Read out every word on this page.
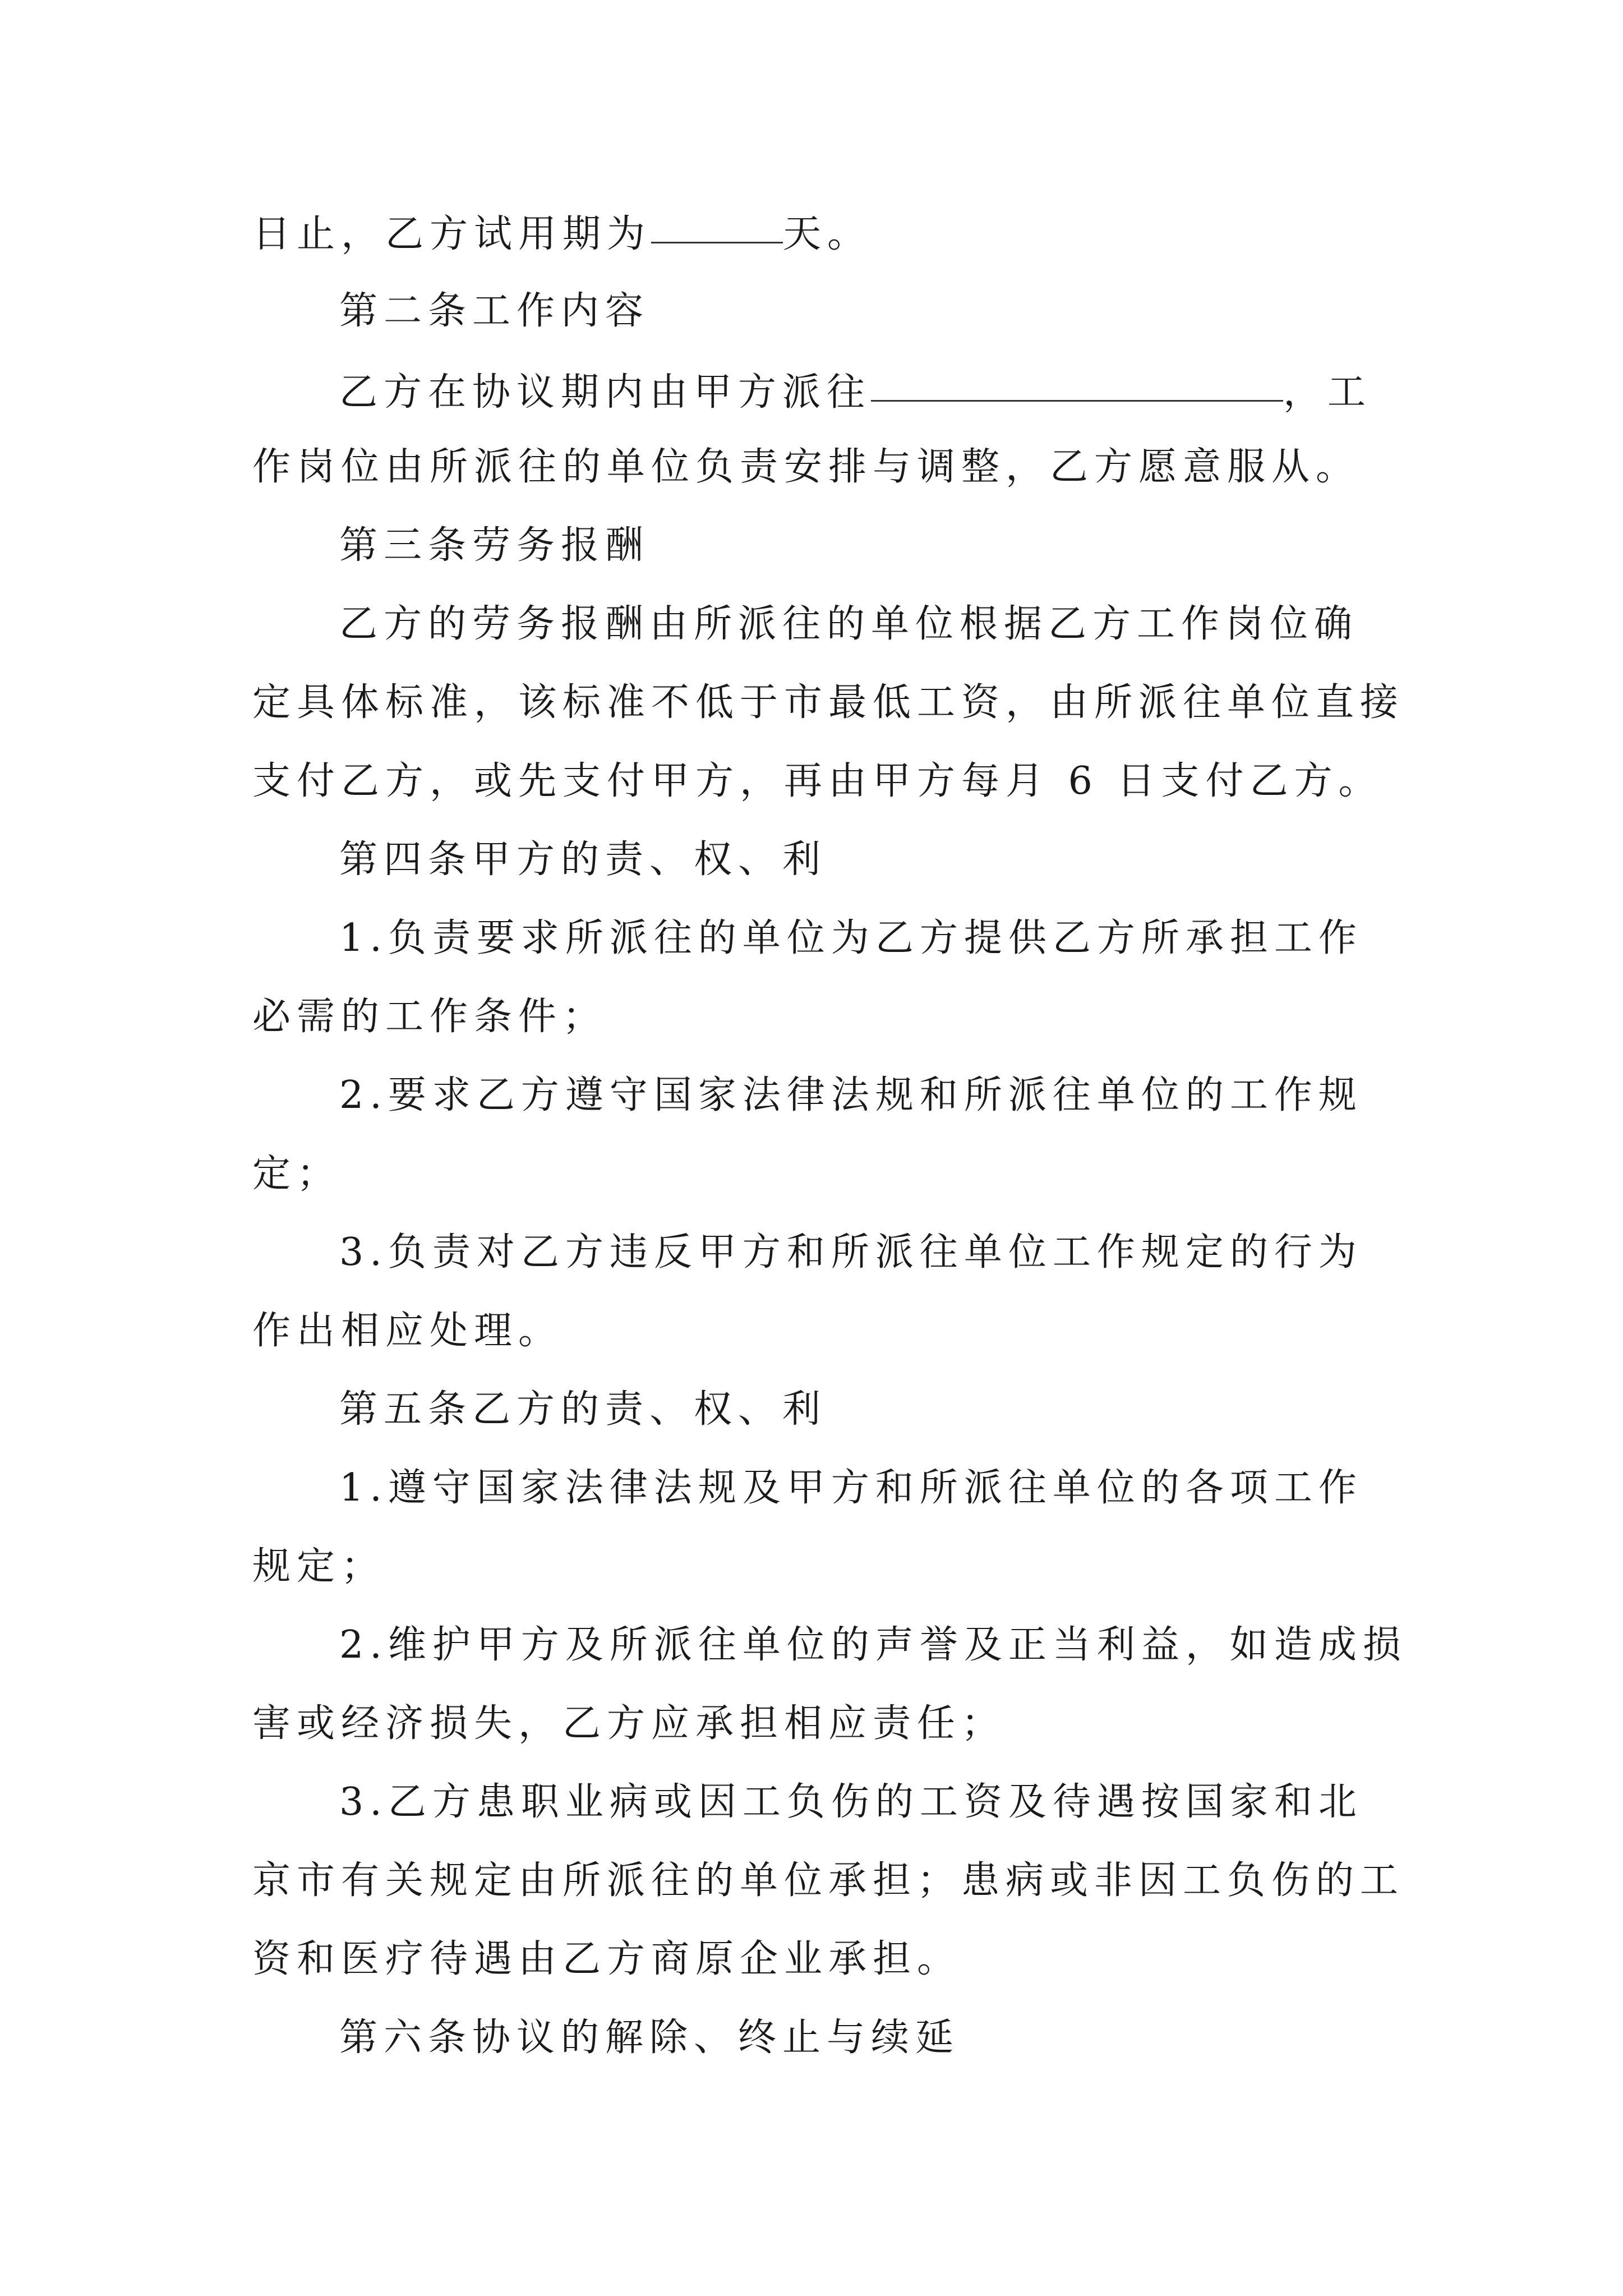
日止，乙方试用期为	天。
第二条工作内容
乙方在协议期内由甲方派往	，工
作岗位由所派往的单位负责安排与调整，乙方愿意服从。
第三条劳务报酬
乙方的劳务报酬由所派往的单位根据乙方工作岗位确
定具体标准，该标准不低于市最低工资，由所派往单位直接
支付乙方，或先支付甲方，再由甲方每月 6 日支付乙方。
第四条甲方的责、权、利
1.负责要求所派往的单位为乙方提供乙方所承担工作
必需的工作条件；
2.要求乙方遵守国家法律法规和所派往单位的工作规
定；
3.负责对乙方违反甲方和所派往单位工作规定的行为
作出相应处理。
第五条乙方的责、权、利
1.遵守国家法律法规及甲方和所派往单位的各项工作
规定；
2.维护甲方及所派往单位的声誉及正当利益，如造成损
害或经济损失，乙方应承担相应责任；
3.乙方患职业病或因工负伤的工资及待遇按国家和北
京市有关规定由所派往的单位承担；患病或非因工负伤的工
资和医疗待遇由乙方商原企业承担。
第六条协议的解除、终止与续延
